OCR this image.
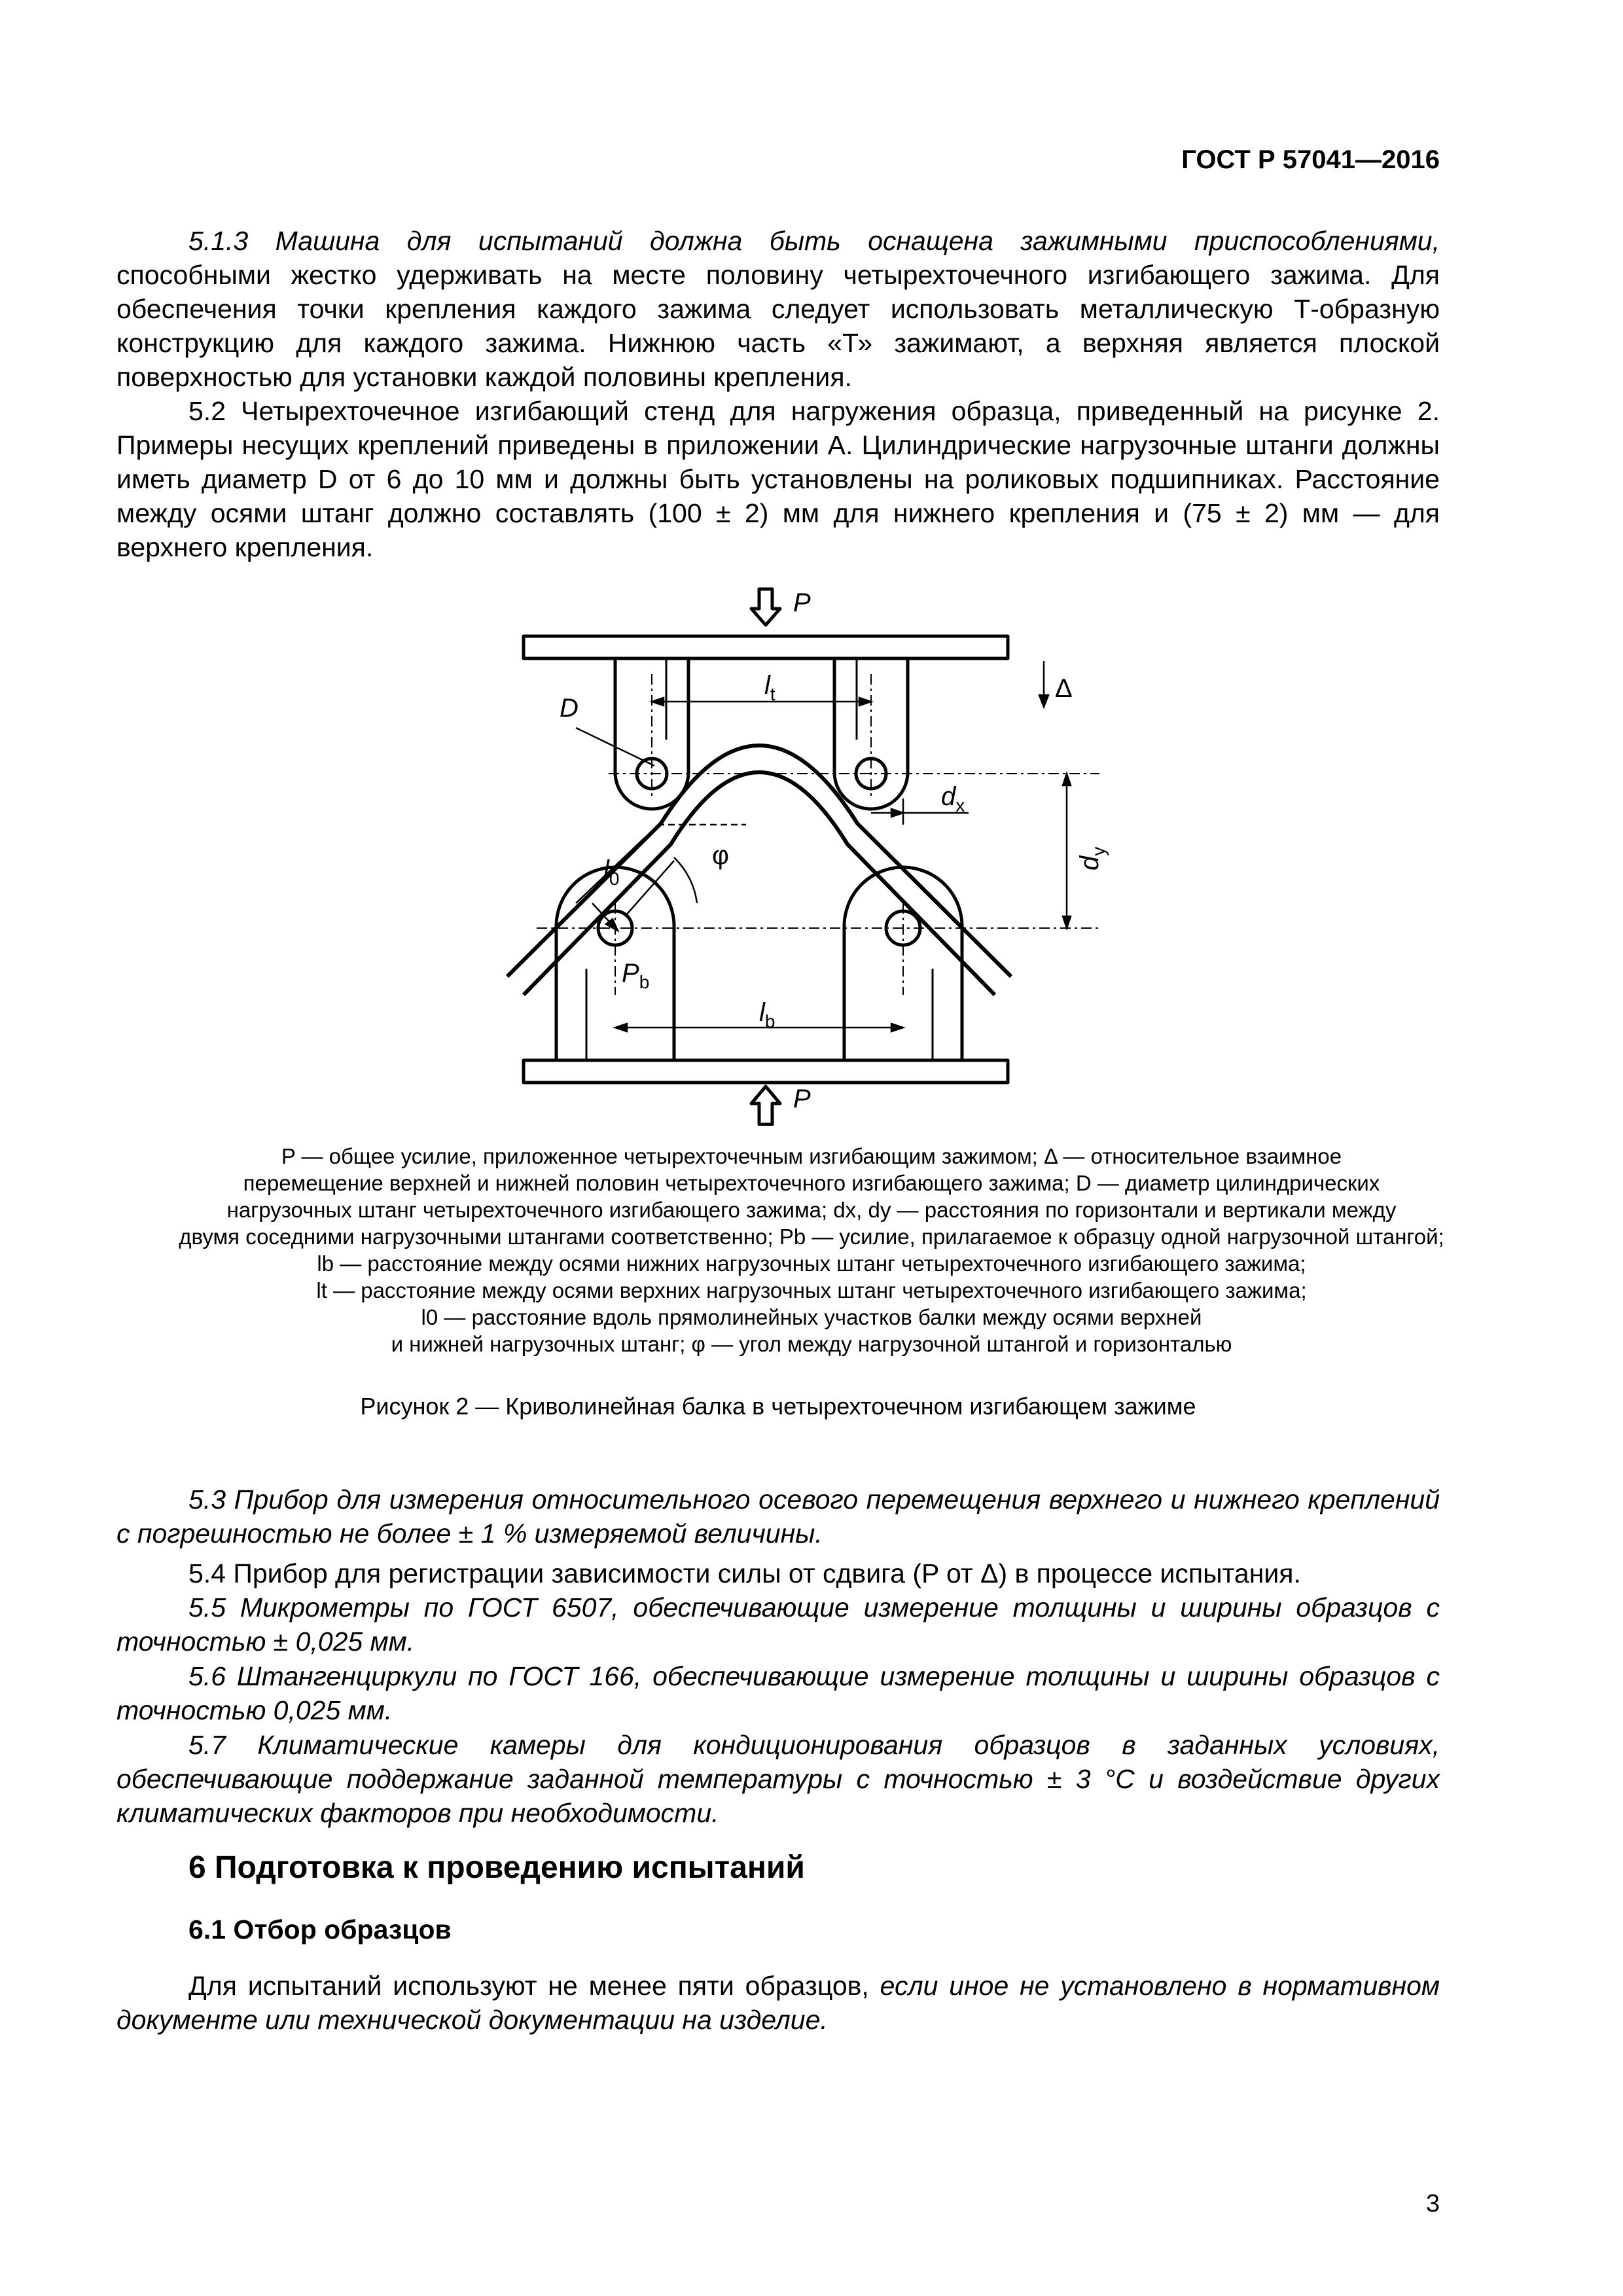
ГОСТ Р 57041—2016
5.1.3 Машина для испытаний должна быть оснащена зажимными приспособлениями, способными жестко удерживать на месте половину четырехточечного изгибающего зажима. Для обеспечения точки крепления каждого зажима следует использовать металлическую Т-образную конструкцию для каждого зажима. Нижнюю часть «Т» зажимают, а верхняя является плоской поверхностью для установки каждой половины крепления.
5.2 Четырехточечное изгибающий стенд для нагружения образца, приведенный на рисунке 2. Примеры несущих креплений приведены в приложении А. Цилиндрические нагрузочные штанги должны иметь диаметр D от 6 до 10 мм и должны быть установлены на роликовых подшипниках. Расстояние между осями штанг должно составлять (100 ± 2) мм для нижнего крепления и (75 ± 2) мм — для верхнего крепления.
P
P
Δ
D
$l_t$
$l_b$
$l_0$
φ
$d_x$
$d_y$
$P_b$
P — общее усилие, приложенное четырехточечным изгибающим зажимом; Δ — относительное взаимное
перемещение верхней и нижней половин четырехточечного изгибающего зажима; D — диаметр цилиндрических
нагрузочных штанг четырехточечного изгибающего зажима; dx, dy — расстояния по горизонтали и вертикали между
двумя соседними нагрузочными штангами соответственно; Pb — усилие, прилагаемое к образцу одной нагрузочной штангой;
lb — расстояние между осями нижних нагрузочных штанг четырехточечного изгибающего зажима;
lt — расстояние между осями верхних нагрузочных штанг четырехточечного изгибающего зажима;
l0 — расстояние вдоль прямолинейных участков балки между осями верхней
и нижней нагрузочных штанг; φ — угол между нагрузочной штангой и горизонталью
Рисунок 2 — Криволинейная балка в четырехточечном изгибающем зажиме
5.3 Прибор для измерения относительного осевого перемещения верхнего и нижнего креплений с погрешностью не более ± 1 % измеряемой величины.
5.4 Прибор для регистрации зависимости силы от сдвига (P от Δ) в процессе испытания.
5.5 Микрометры по ГОСТ 6507, обеспечивающие измерение толщины и ширины образцов с точностью ± 0,025 мм.
5.6 Штангенциркули по ГОСТ 166, обеспечивающие измерение толщины и ширины образцов с точностью 0,025 мм.
5.7 Климатические камеры для кондиционирования образцов в заданных условиях, обеспечивающие поддержание заданной температуры с точностью ± 3 °С и воздействие других климатических факторов при необходимости.
6 Подготовка к проведению испытаний
6.1 Отбор образцов
Для испытаний используют не менее пяти образцов, если иное не установлено в нормативном документе или технической документации на изделие.
3
